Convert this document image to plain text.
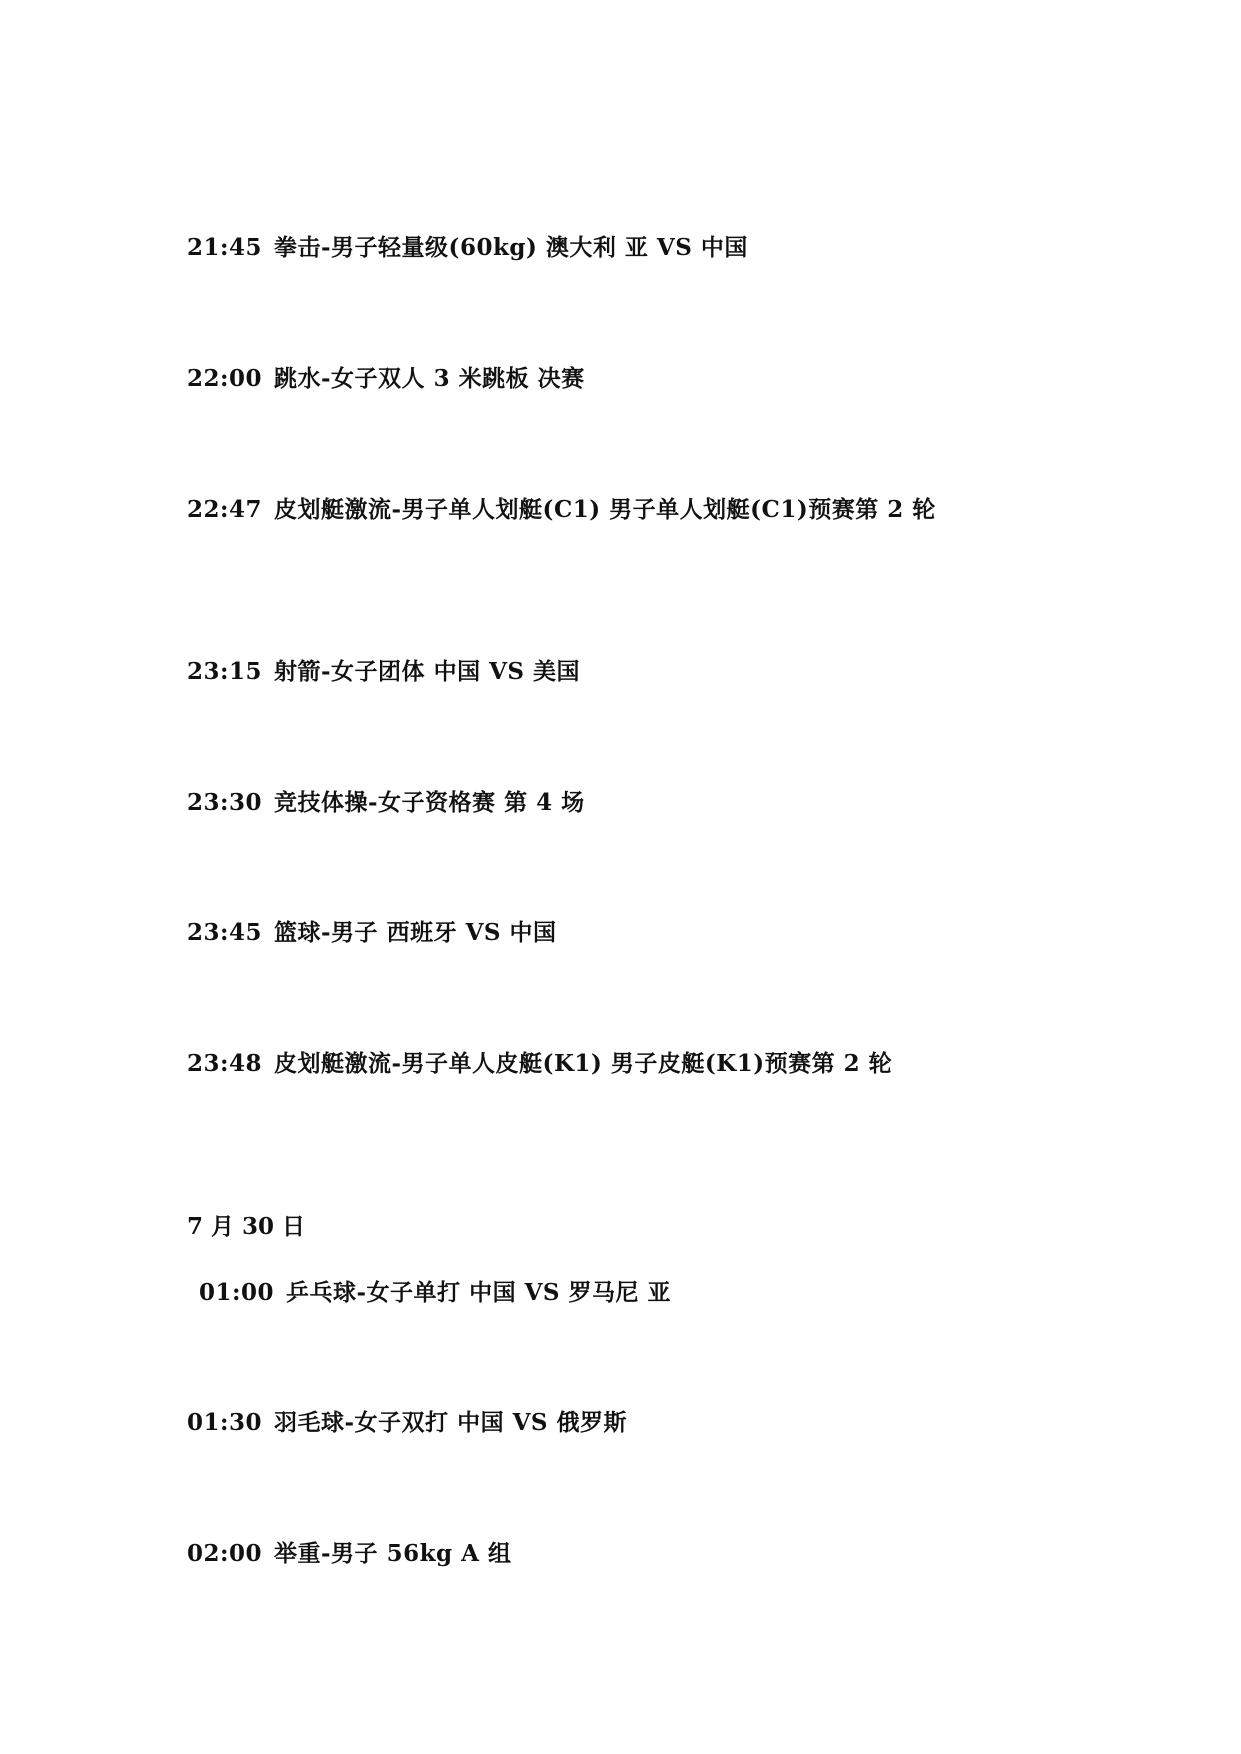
21:45 拳击-男子轻量级(60kg) 澳大利 亚 VS 中国
22:00 跳水-女子双人 3 米跳板 决赛
22:47 皮划艇激流-男子单人划艇(C1) 男子单人划艇(C1)预赛第 2 轮
23:15 射箭-女子团体 中国 VS 美国
23:30 竞技体操-女子资格赛 第 4 场
23:45 篮球-男子 西班牙 VS 中国
23:48 皮划艇激流-男子单人皮艇(K1) 男子皮艇(K1)预赛第 2 轮
7 月 30 日
01:00 乒乓球-女子单打 中国 VS 罗马尼 亚
01:30 羽毛球-女子双打 中国 VS 俄罗斯
02:00 举重-男子 56kg A 组
